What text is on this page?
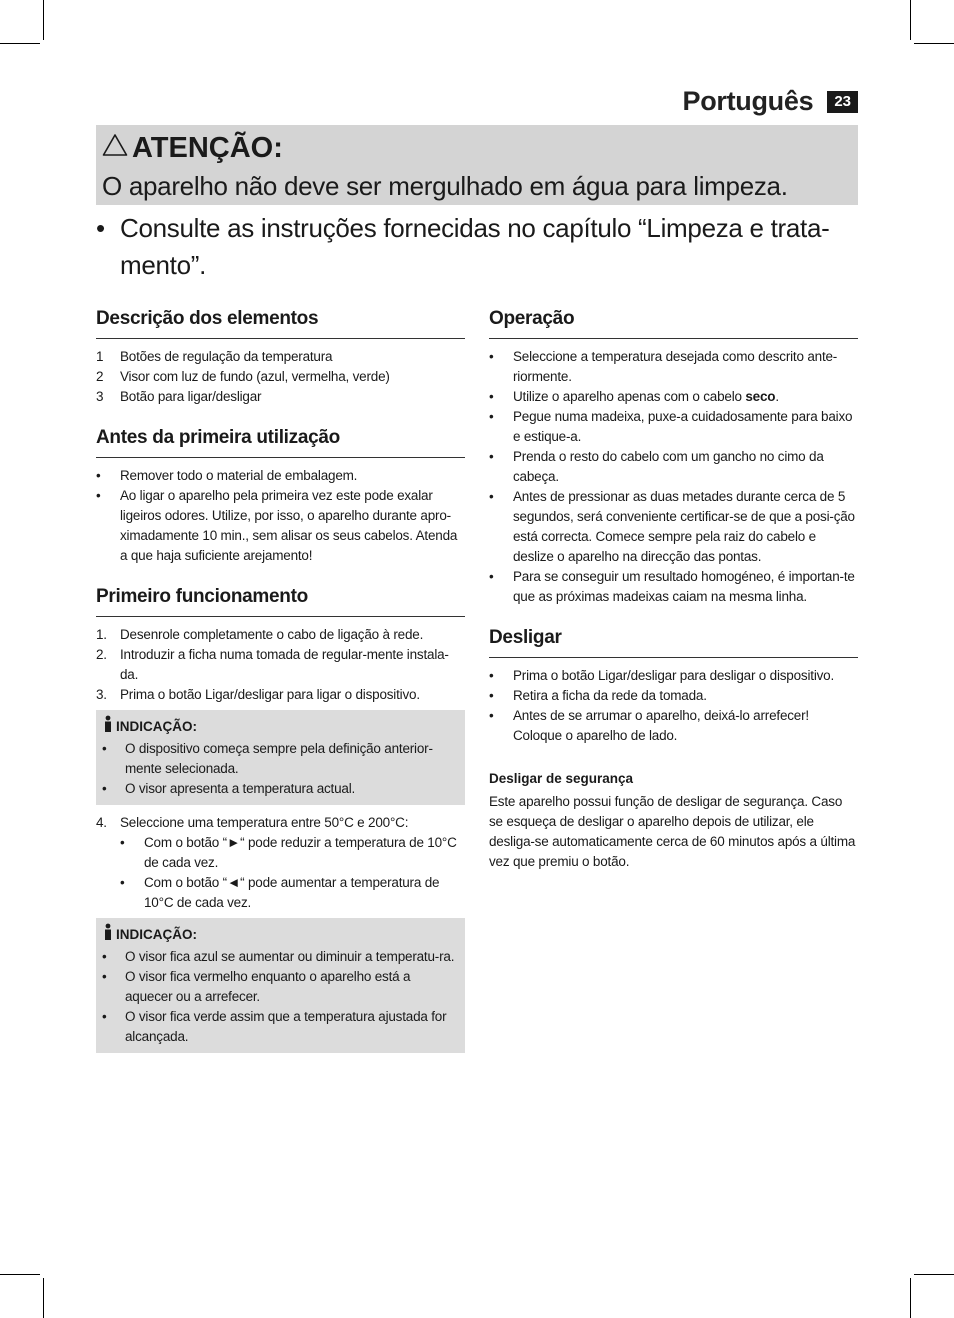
Português	23
ATENÇÃO:
O aparelho não deve ser mergulhado em água para limpeza.
• Consulte as instruções fornecidas no capítulo “Limpeza e trata-mento”.
Descrição dos elementos
1	Botões de regulação da temperatura
2	Visor com luz de fundo (azul, vermelha, verde)
3	Botão para ligar/desligar
Antes da primeira utilização
•	Remover todo o material de embalagem.
•	Ao ligar o aparelho pela primeira vez este pode exalar ligeiros odores. Utilize, por isso, o aparelho durante apro-ximadamente 10 min., sem alisar os seus cabelos. Atenda a que haja suficiente arejamento!
Primeiro funcionamento
1. Desenrole completamente o cabo de ligação à rede.
2. Introduzir a ficha numa tomada de regular-mente instala-da.
3. Prima o botão Ligar/desligar para ligar o dispositivo.
INDICAÇÃO:
•	O dispositivo começa sempre pela definição anterior-mente selecionada.
•	O visor apresenta a temperatura actual.
4. Seleccione uma temperatura entre 50°C e 200°C:
•	Com o botão “►“ pode reduzir a temperatura de 10°C de cada vez.
•	Com o botão “◄“ pode aumentar a temperatura de 10°C de cada vez.
INDICAÇÃO:
•	O visor fica azul se aumentar ou diminuir a temperatu-ra.
•	O visor fica vermelho enquanto o aparelho está a aquecer ou a arrefecer.
•	O visor fica verde assim que a temperatura ajustada for alcançada.
Operação
•	Seleccione a temperatura desejada como descrito ante-riormente.
•	Utilize o aparelho apenas com o cabelo seco.
•	Pegue numa madeixa, puxe-a cuidadosamente para baixo e estique-a.
•	Prenda o resto do cabelo com um gancho no cimo da cabeça.
•	Antes de pressionar as duas metades durante cerca de 5 segundos, será conveniente certificar-se de que a posi-ção está correcta. Comece sempre pela raiz do cabelo e deslize o aparelho na direcção das pontas.
•	Para se conseguir um resultado homogéneo, é importan-te que as próximas madeixas caiam na mesma linha.
Desligar
•	Prima o botão Ligar/desligar para desligar o dispositivo.
•	Retira a ficha da rede da tomada.
•	Antes de se arrumar o aparelho, deixá-lo arrefecer! Coloque o aparelho de lado.
Desligar de segurança
Este aparelho possui função de desligar de segurança. Caso se esqueça de desligar o aparelho depois de utilizar, ele desliga-se automaticamente cerca de 60 minutos após a última vez que premiu o botão.
